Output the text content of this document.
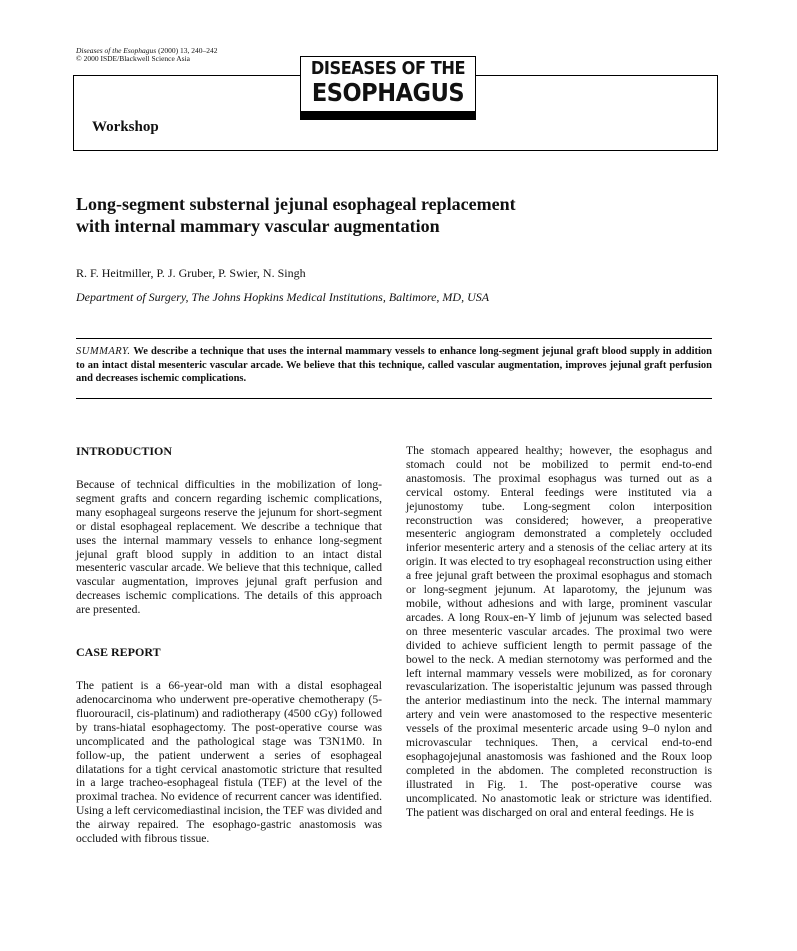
Diseases of the Esophagus (2000) 13, 240–242
© 2000 ISDE/Blackwell Science Asia	DISEASES OF THE
ESOPHAGUS
Workshop
Long-segment substernal jejunal esophageal replacement
with internal mammary vascular augmentation
R. F. Heitmiller, P. J. Gruber, P. Swier, N. Singh
Department of Surgery, The Johns Hopkins Medical Institutions, Baltimore, MD, USA
SUMMARY. We describe a technique that uses the internal mammary vessels to enhance long-segment jejunal graft blood supply in addition to an intact distal mesenteric vascular arcade. We believe that this technique, called vascular augmentation, improves jejunal graft perfusion and decreases ischemic complications.
INTRODUCTION

Because of technical difficulties in the mobilization of long-segment grafts and concern regarding ischemic complications, many esophageal surgeons reserve the jejunum for short-segment or distal esophageal replacement. We describe a technique that uses the internal mammary vessels to enhance long-segment jejunal graft blood supply in addition to an intact distal mesenteric vascular arcade. We believe that this technique, called vascular augmentation, improves jejunal graft perfusion and decreases ischemic complications. The details of this approach are presented.

CASE REPORT

The patient is a 66-year-old man with a distal esophageal adenocarcinoma who underwent pre-operative chemotherapy (5-fluorouracil, cis-platinum) and radiotherapy (4500 cGy) followed by trans-hiatal esophagectomy. The post-operative course was uncomplicated and the pathological stage was T3N1M0. In follow-up, the patient underwent a series of esophageal dilatations for a tight cervical anastomotic stricture that resulted in a large tracheo-esophageal fistula (TEF) at the level of the proximal trachea. No evidence of recurrent cancer was identified. Using a left cervicomediastinal incision, the TEF was divided and the airway repaired. The esophago-gastric anastomosis was occluded with fibrous tissue.

The stomach appeared healthy; however, the esophagus and stomach could not be mobilized to permit end-to-end anastomosis. The proximal esophagus was turned out as a cervical ostomy. Enteral feedings were instituted via a jejunostomy tube. Long-segment colon interposition reconstruction was considered; however, a preoperative mesenteric angiogram demonstrated a completely occluded inferior mesenteric artery and a stenosis of the celiac artery at its origin. It was elected to try esophageal reconstruction using either a free jejunal graft between the proximal esophagus and stomach or long-segment jejunum. At laparotomy, the jejunum was mobile, without adhesions and with large, prominent vascular arcades. A long Roux-en-Y limb of jejunum was selected based on three mesenteric vascular arcades. The proximal two were divided to achieve sufficient length to permit passage of the bowel to the neck. A median sternotomy was performed and the left internal mammary vessels were mobilized, as for coronary revascularization. The isoperistaltic jejunum was passed through the anterior mediastinum into the neck. The internal mammary artery and vein were anastomosed to the respective mesenteric vessels of the proximal mesenteric arcade using 9–0 nylon and microvascular techniques. Then, a cervical end-to-end esophagojejunal anastomosis was fashioned and the Roux loop completed in the abdomen. The completed reconstruction is illustrated in Fig. 1. The post-operative course was uncomplicated. No anastomotic leak or stricture was identified. The patient was discharged on oral and enteral feedings. He is
